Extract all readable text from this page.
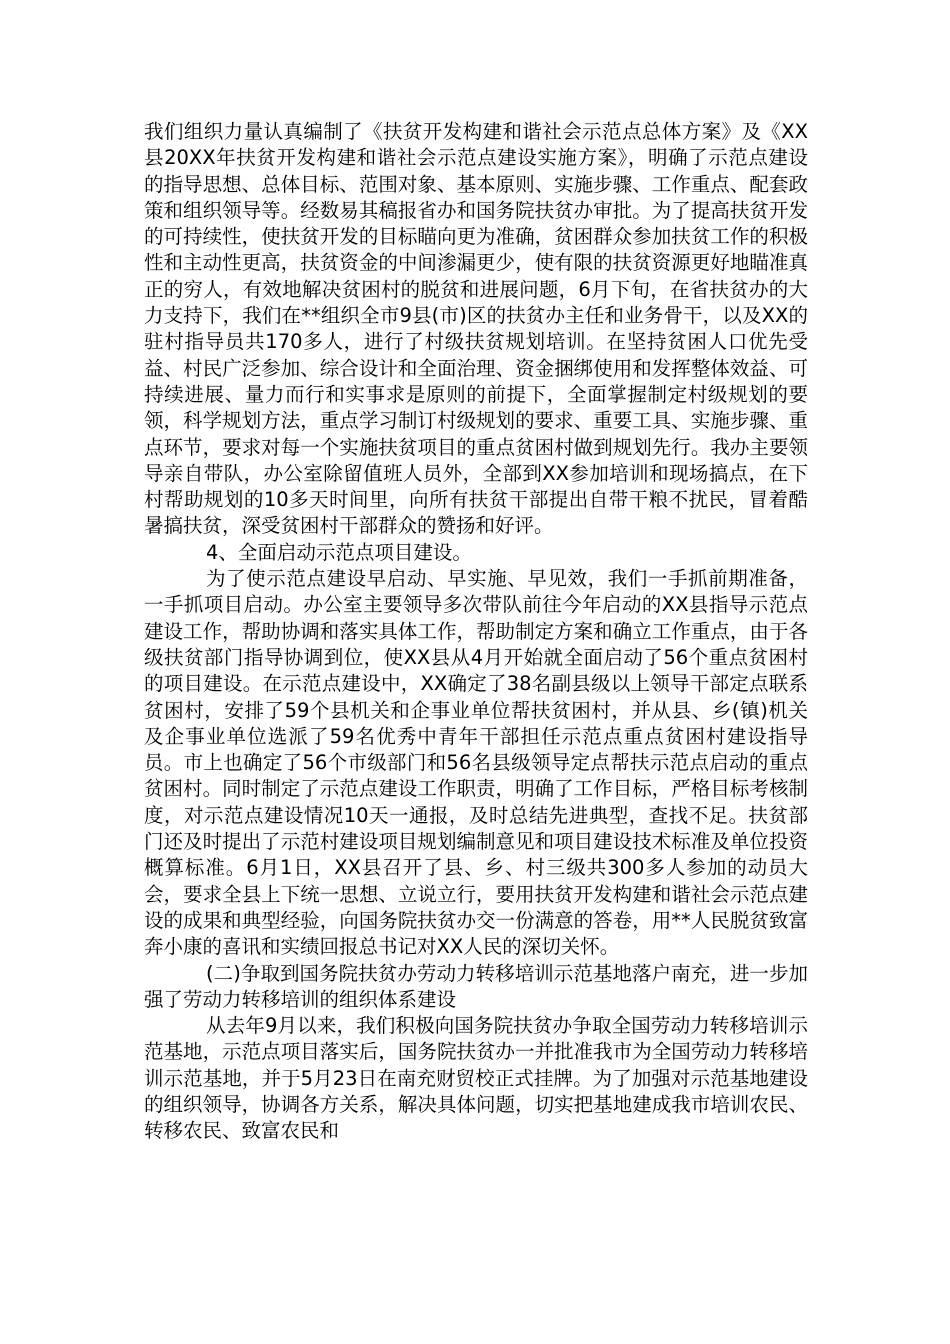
我们组织力量认真编制了《扶贫开发构建和谐社会示范点总体方案》及《XX县20XX年扶贫开发构建和谐社会示范点建设实施方案》，明确了示范点建设的指导思想、总体目标、范围对象、基本原则、实施步骤、工作重点、配套政策和组织领导等。经数易其稿报省办和国务院扶贫办审批。为了提高扶贫开发的可持续性，使扶贫开发的目标瞄向更为准确，贫困群众参加扶贫工作的积极性和主动性更高，扶贫资金的中间渗漏更少，使有限的扶贫资源更好地瞄准真正的穷人，有效地解决贫困村的脱贫和进展问题，6月下旬，在省扶贫办的大力支持下，我们在**组织全市9县(市)区的扶贫办主任和业务骨干，以及XX的驻村指导员共170多人，进行了村级扶贫规划培训。在坚持贫困人口优先受益、村民广泛参加、综合设计和全面治理、资金捆绑使用和发挥整体效益、可持续进展、量力而行和实事求是原则的前提下，全面掌握制定村级规划的要领，科学规划方法，重点学习制订村级规划的要求、重要工具、实施步骤、重点环节，要求对每一个实施扶贫项目的重点贫困村做到规划先行。我办主要领导亲自带队，办公室除留值班人员外，全部到XX参加培训和现场搞点，在下村帮助规划的10多天时间里，向所有扶贫干部提出自带干粮不扰民，冒着酷暑搞扶贫，深受贫困村干部群众的赞扬和好评。

4、全面启动示范点项目建设。

为了使示范点建设早启动、早实施、早见效，我们一手抓前期准备，一手抓项目启动。办公室主要领导多次带队前往今年启动的XX县指导示范点建设工作，帮助协调和落实具体工作，帮助制定方案和确立工作重点，由于各级扶贫部门指导协调到位，使XX县从4月开始就全面启动了56个重点贫困村的项目建设。在示范点建设中，XX确定了38名副县级以上领导干部定点联系贫困村，安排了59个县机关和企事业单位帮扶贫困村，并从县、乡(镇)机关及企事业单位选派了59名优秀中青年干部担任示范点重点贫困村建设指导员。市上也确定了56个市级部门和56名县级领导定点帮扶示范点启动的重点贫困村。同时制定了示范点建设工作职责，明确了工作目标，严格目标考核制度，对示范点建设情况10天一通报，及时总结先进典型，查找不足。扶贫部门还及时提出了示范村建设项目规划编制意见和项目建设技术标准及单位投资概算标准。6月1日，XX县召开了县、乡、村三级共300多人参加的动员大会，要求全县上下统一思想、立说立行，要用扶贫开发构建和谐社会示范点建设的成果和典型经验，向国务院扶贫办交一份满意的答卷，用**人民脱贫致富奔小康的喜讯和实绩回报总书记对XX人民的深切关怀。

(二)争取到国务院扶贫办劳动力转移培训示范基地落户南充，进一步加强了劳动力转移培训的组织体系建设

从去年9月以来，我们积极向国务院扶贫办争取全国劳动力转移培训示范基地，示范点项目落实后，国务院扶贫办一并批准我市为全国劳动力转移培训示范基地，并于5月23日在南充财贸校正式挂牌。为了加强对示范基地建设的组织领导，协调各方关系，解决具体问题，切实把基地建成我市培训农民、转移农民、致富农民和
